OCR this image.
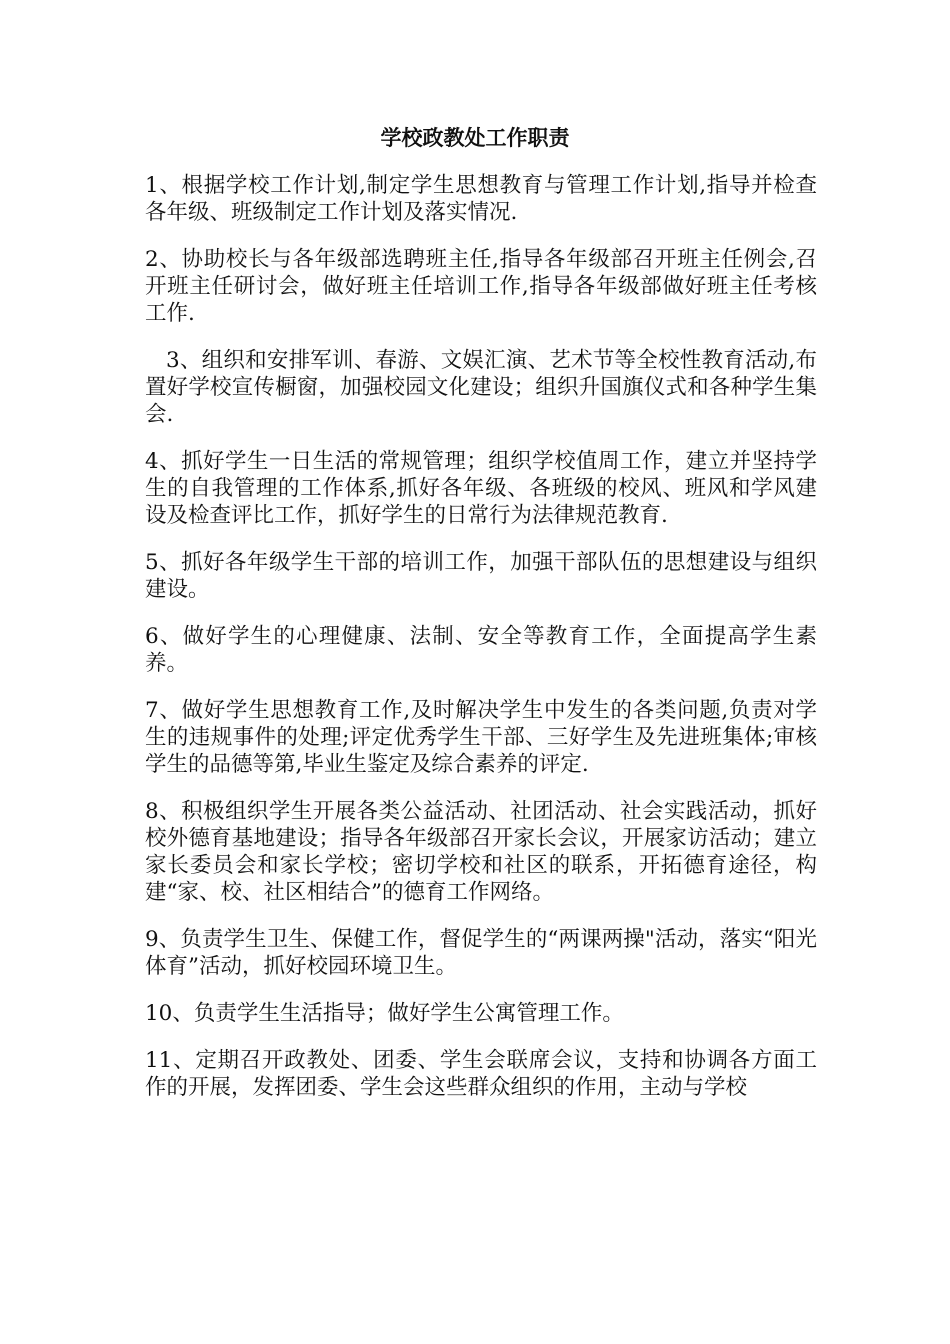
学校政教处工作职责

1、根据学校工作计划,制定学生思想教育与管理工作计划,指导并检查各年级、班级制定工作计划及落实情况.

2、协助校长与各年级部选聘班主任,指导各年级部召开班主任例会,召开班主任研讨会，做好班主任培训工作,指导各年级部做好班主任考核工作.

3、组织和安排军训、春游、文娱汇演、艺术节等全校性教育活动,布置好学校宣传橱窗，加强校园文化建设；组织升国旗仪式和各种学生集会.

4、抓好学生一日生活的常规管理；组织学校值周工作，建立并坚持学生的自我管理的工作体系,抓好各年级、各班级的校风、班风和学风建设及检查评比工作，抓好学生的日常行为法律规范教育.

5、抓好各年级学生干部的培训工作，加强干部队伍的思想建设与组织建设。

6、做好学生的心理健康、法制、安全等教育工作，全面提高学生素养。

7、做好学生思想教育工作,及时解决学生中发生的各类问题,负责对学生的违规事件的处理;评定优秀学生干部、三好学生及先进班集体;审核学生的品德等第,毕业生鉴定及综合素养的评定.

8、积极组织学生开展各类公益活动、社团活动、社会实践活动，抓好校外德育基地建设；指导各年级部召开家长会议，开展家访活动；建立家长委员会和家长学校；密切学校和社区的联系，开拓德育途径，构建“家、校、社区相结合”的德育工作网络。

9、负责学生卫生、保健工作，督促学生的“两课两操"活动，落实“阳光体育”活动，抓好校园环境卫生。

10、负责学生生活指导；做好学生公寓管理工作。

11、定期召开政教处、团委、学生会联席会议，支持和协调各方面工作的开展，发挥团委、学生会这些群众组织的作用，主动与学校
